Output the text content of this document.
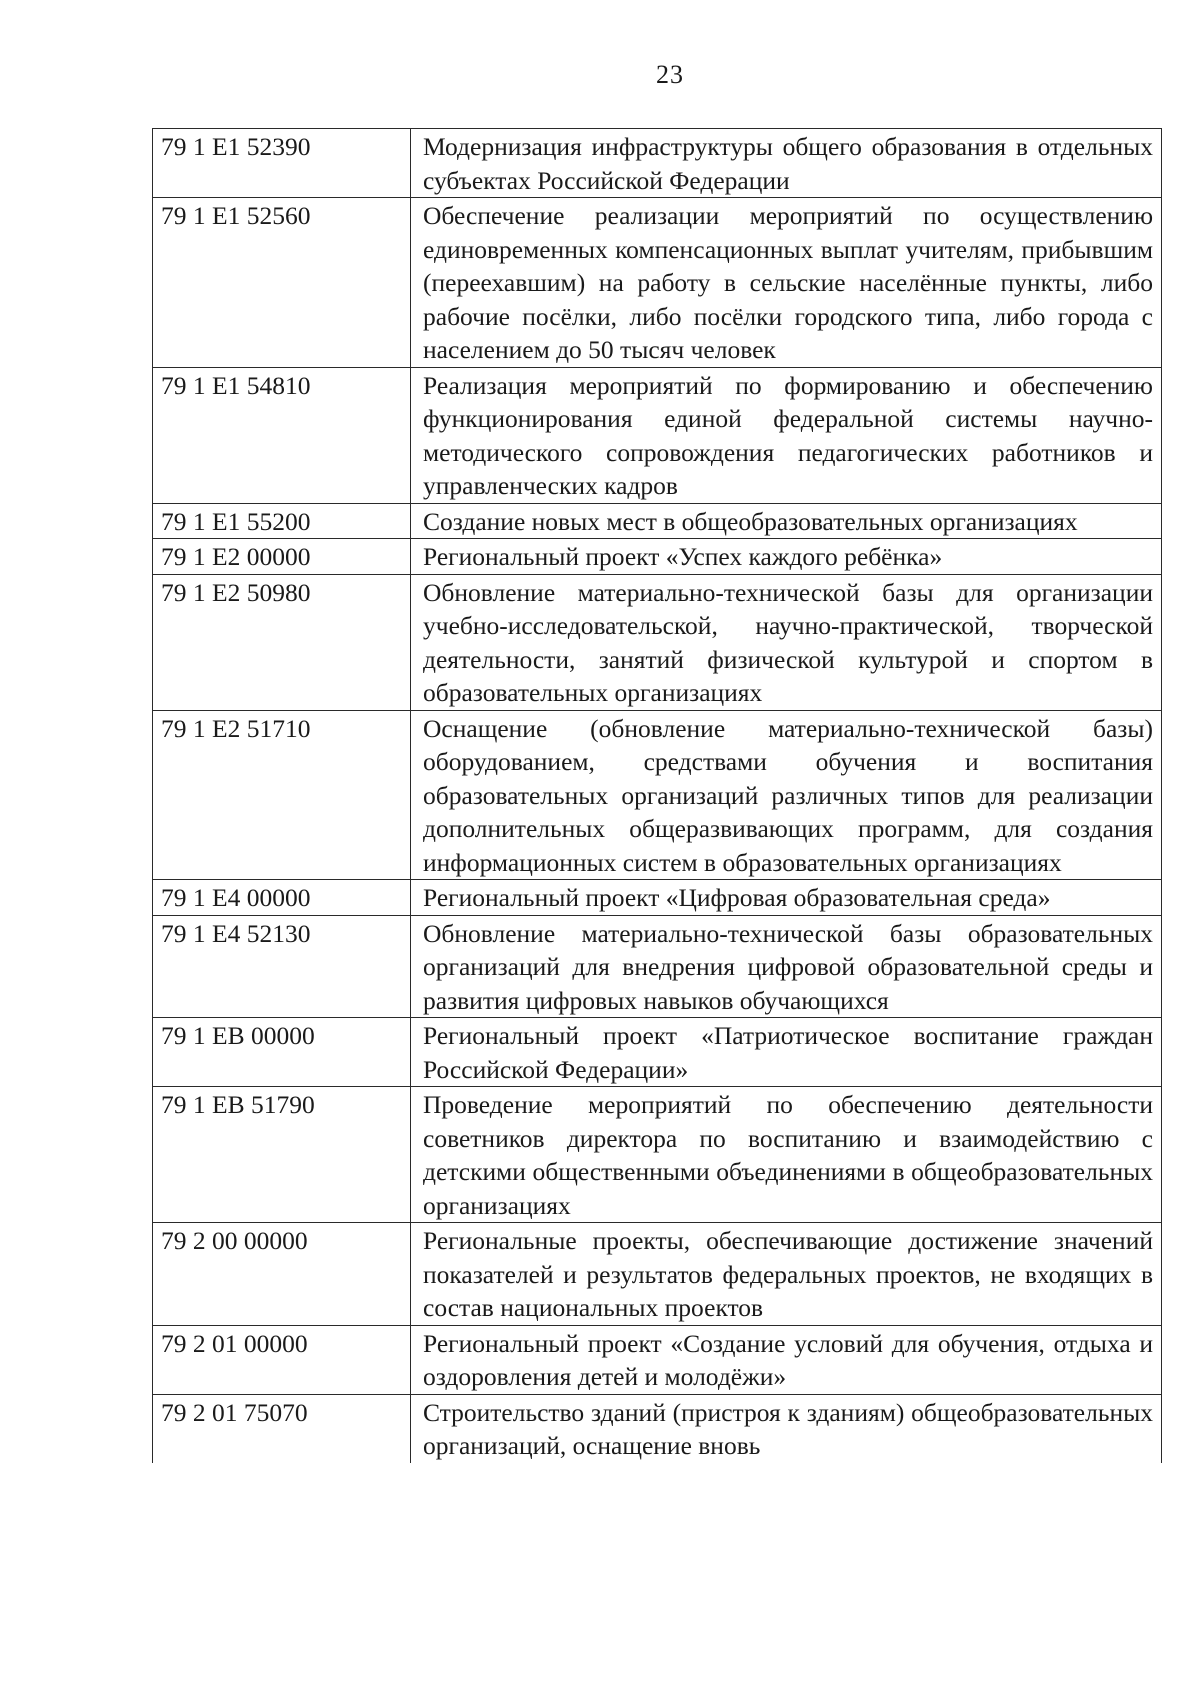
23
79 1 E1 52390	Модернизация инфраструктуры общего образования в отдельных субъектах Российской Федерации
79 1 E1 52560	Обеспечение реализации мероприятий по осуществлению единовременных компенсационных выплат учителям, прибывшим (переехавшим) на работу в сельские населённые пункты, либо рабочие посёлки, либо посёлки городского типа, либо города с населением до 50 тысяч человек
79 1 E1 54810	Реализация мероприятий по формированию и обеспечению функционирования единой федеральной системы научно-методического сопровождения педагогических работников и управленческих кадров
79 1 E1 55200	Создание новых мест в общеобразовательных организациях
79 1 E2 00000	Региональный проект «Успех каждого ребёнка»
79 1 E2 50980	Обновление материально-технической базы для организации учебно-исследовательской, научно-практической, творческой деятельности, занятий физической культурой и спортом в образовательных организациях
79 1 E2 51710	Оснащение (обновление материально-технической базы) оборудованием, средствами обучения и воспитания образовательных организаций различных типов для реализации дополнительных общеразвивающих программ, для создания информационных систем в образовательных организациях
79 1 E4 00000	Региональный проект «Цифровая образовательная среда»
79 1 E4 52130	Обновление материально-технической базы образовательных организаций для внедрения цифровой образовательной среды и развития цифровых навыков обучающихся
79 1 EB 00000	Региональный проект «Патриотическое воспитание граждан Российской Федерации»
79 1 EB 51790	Проведение мероприятий по обеспечению деятельности советников директора по воспитанию и взаимодействию с детскими общественными объединениями в общеобразовательных организациях
79 2 00 00000	Региональные проекты, обеспечивающие достижение значений показателей и результатов федеральных проектов, не входящих в состав национальных проектов
79 2 01 00000	Региональный проект «Создание условий для обучения, отдыха и оздоровления детей и молодёжи»
79 2 01 75070	Строительство зданий (пристроя к зданиям) общеобразовательных организаций, оснащение вновь
